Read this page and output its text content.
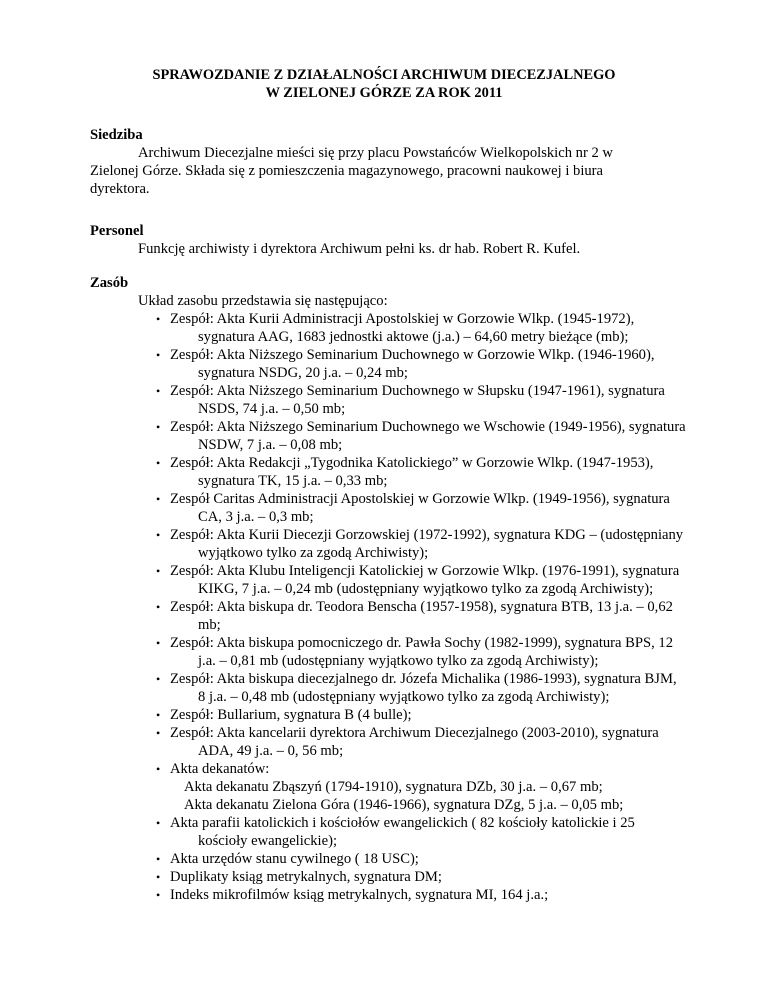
SPRAWOZDANIE Z DZIAŁALNOŚCI ARCHIWUM DIECEZJALNEGO
W ZIELONEJ GÓRZE ZA ROK 2011
Siedziba
Archiwum Diecezjalne mieści się przy placu Powstańców Wielkopolskich nr 2 w Zielonej Górze. Składa się z pomieszczenia magazynowego, pracowni naukowej i biura dyrektora.
Personel
Funkcję archiwisty i dyrektora Archiwum pełni ks. dr hab. Robert R. Kufel.
Zasób
Układ zasobu przedstawia się następująco:
• Zespół: Akta Kurii Administracji Apostolskiej w Gorzowie Wlkp. (1945-1972), sygnatura AAG, 1683 jednostki aktowe (j.a.) – 64,60 metry bieżące (mb);
• Zespół: Akta Niższego Seminarium Duchownego w Gorzowie Wlkp. (1946-1960), sygnatura NSDG, 20 j.a. – 0,24 mb;
• Zespół: Akta Niższego Seminarium Duchownego w Słupsku (1947-1961), sygnatura NSDS, 74 j.a. – 0,50 mb;
• Zespół: Akta Niższego Seminarium Duchownego we Wschowie (1949-1956), sygnatura NSDW, 7 j.a. – 0,08 mb;
• Zespół: Akta Redakcji „Tygodnika Katolickiego” w Gorzowie Wlkp. (1947-1953), sygnatura TK, 15 j.a. – 0,33 mb;
• Zespół Caritas Administracji Apostolskiej w Gorzowie Wlkp. (1949-1956), sygnatura CA, 3 j.a. – 0,3 mb;
• Zespół: Akta Kurii Diecezji Gorzowskiej (1972-1992), sygnatura KDG – (udostępniany wyjątkowo tylko za zgodą Archiwisty);
• Zespół: Akta Klubu Inteligencji Katolickiej w Gorzowie Wlkp. (1976-1991), sygnatura KIKG, 7 j.a. – 0,24 mb (udostępniany wyjątkowo tylko za zgodą Archiwisty);
• Zespół: Akta biskupa dr. Teodora Benscha (1957-1958), sygnatura BTB, 13 j.a. – 0,62 mb;
• Zespół: Akta biskupa pomocniczego dr. Pawła Sochy (1982-1999), sygnatura BPS, 12 j.a. – 0,81 mb (udostępniany wyjątkowo tylko za zgodą Archiwisty);
• Zespół: Akta biskupa diecezjalnego dr. Józefa Michalika (1986-1993), sygnatura BJM, 8 j.a. – 0,48 mb (udostępniany wyjątkowo tylko za zgodą Archiwisty);
• Zespół: Bullarium, sygnatura B (4 bulle);
• Zespół: Akta kancelarii dyrektora Archiwum Diecezjalnego (2003-2010), sygnatura ADA, 49 j.a. – 0, 56 mb;
• Akta dekanatów:
Akta dekanatu Zbąszyń (1794-1910), sygnatura DZb, 30 j.a. – 0,67 mb;
Akta dekanatu Zielona Góra (1946-1966), sygnatura DZg, 5 j.a. – 0,05 mb;
• Akta parafii katolickich i kościołów ewangelickich ( 82 kościoły katolickie i 25 kościoły ewangelickie);
• Akta urzędów stanu cywilnego ( 18 USC);
• Duplikaty ksiąg metrykalnych, sygnatura DM;
• Indeks mikrofilmów ksiąg metrykalnych, sygnatura MI, 164 j.a.;
